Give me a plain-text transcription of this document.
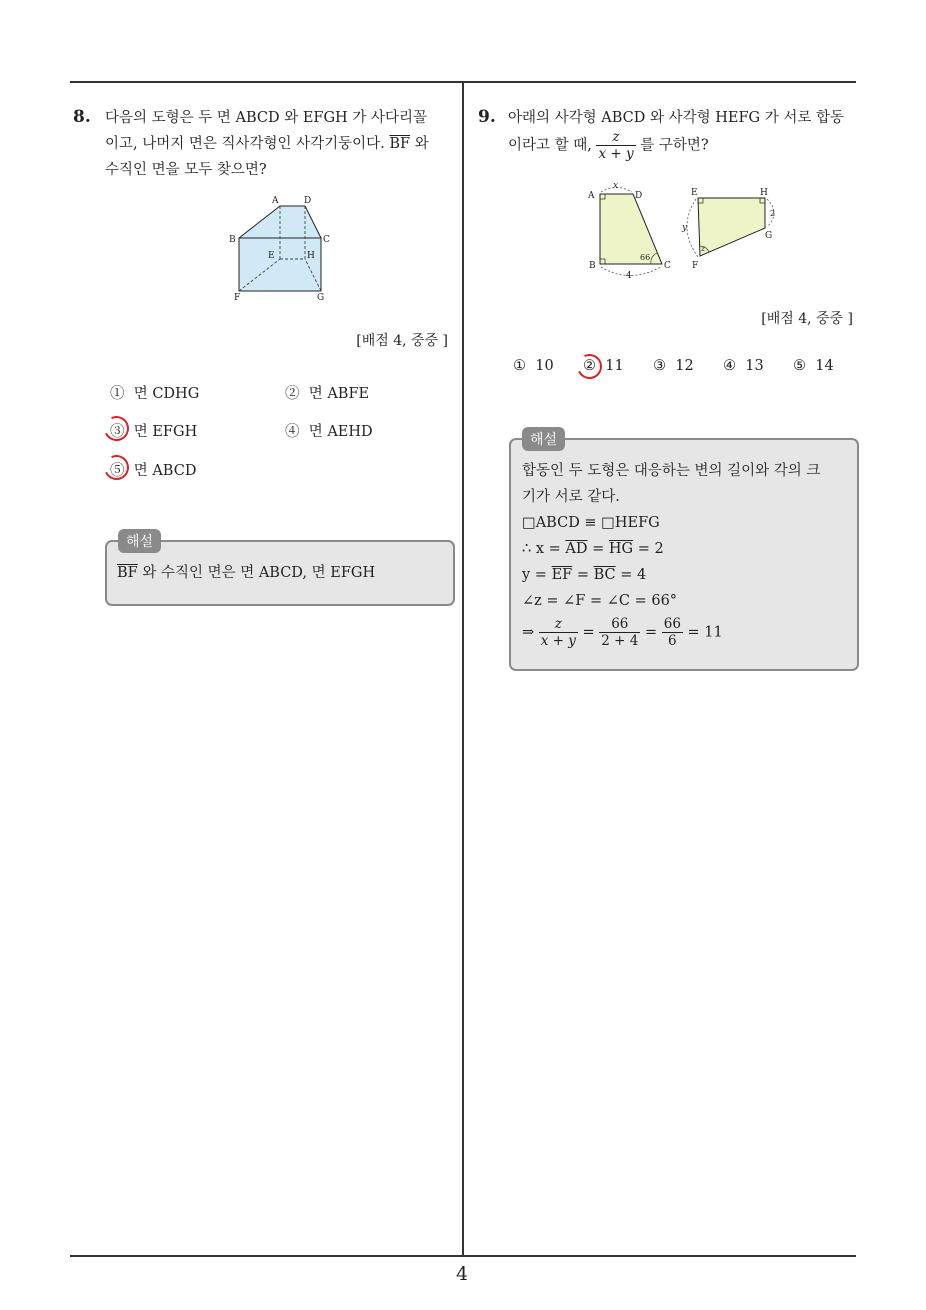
8. 다음의 도형은 두 면 ABCD 와 EFGH 가 사다리꼴
이고, 나머지 면은 직사각형인 사각기둥이다. $\overline{BF}$ 와
수직인 면을 모두 찾으면?
A	D
B	C
E	H
F	G
[배점 4, 중중 ]
① 면 CDHG	② 면 ABFE
③ 면 EFGH	④ 면 AEHD
⑤ 면 ABCD
해설
$\overline{BF}$ 와 수직인 면은 면 ABCD, 면 EFGH
9. 아래의 사각형 ABCD 와 사각형 HEFG 가 서로 합동
이라고 할 때, $\frac{z}{x + y}$ 를 구하면?
A	D
x
B	C
66
4
E	H
y
z
F
G
2
[배점 4, 중중 ]
① 10 ② 11 ③ 12 ④ 13 ⑤ 14
해설
합동인 두 도형은 대응하는 변의 길이와 각의 크
기가 서로 같다.
□ABCD ≡ □HEFG
∴ $x = \overline{AD} = \overline{HG} = 2$
$y = \overline{EF} = \overline{BC} = 4$
∠z = ∠F = ∠C = 66°
⇒ $\frac{z}{x + y} = \frac{66}{2 + 4} = \frac{66}{6} = 11$
4
